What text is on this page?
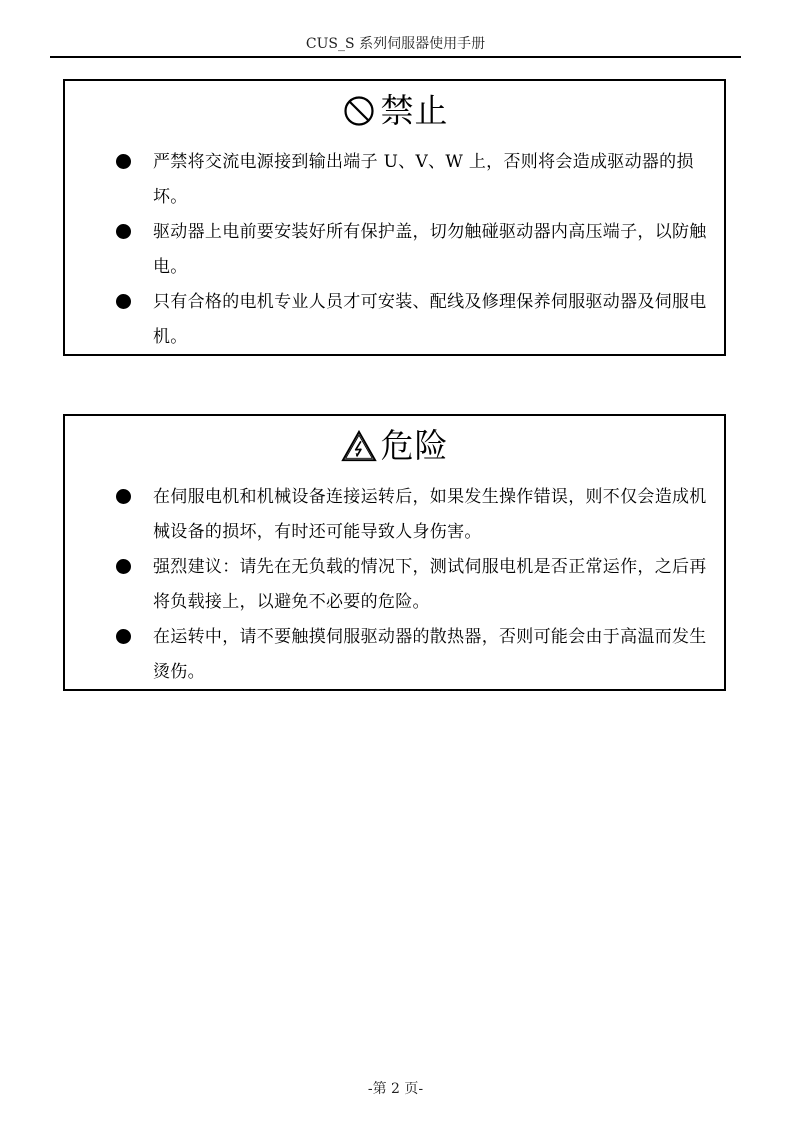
CUS_S 系列伺服器使用手册
禁止
严禁将交流电源接到输出端子 U、V、W 上，否则将会造成驱动器的损坏。
驱动器上电前要安装好所有保护盖，切勿触碰驱动器内高压端子，以防触电。
只有合格的电机专业人员才可安装、配线及修理保养伺服驱动器及伺服电机。
危险
在伺服电机和机械设备连接运转后，如果发生操作错误，则不仅会造成机械设备的损坏，有时还可能导致人身伤害。
强烈建议：请先在无负载的情况下，测试伺服电机是否正常运作，之后再将负载接上，以避免不必要的危险。
在运转中，请不要触摸伺服驱动器的散热器，否则可能会由于高温而发生烫伤。
-第 2 页-
